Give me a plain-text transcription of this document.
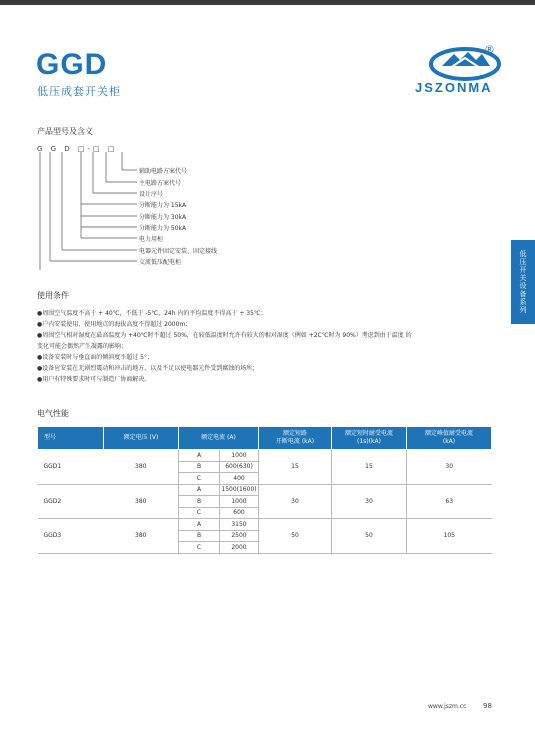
GGD
低压成套开关柜
®
JSZONMA
产品型号及含义
G G D □-□ □
辅助电路方案代号
主电路方案代号
设计序号
分断能力为 15kA
分断能力为 30kA
分断能力为 50kA
电力用柜
电器元件固定安装、固定接线
交流低压配电柜	低压开关设备系列
使用条件
●周围空气温度不高于 + 40℃，不低于 -5℃，24h 内的平均温度不得高于 + 35℃；
●户内安装使用，使用地点的海拔高度不得超过 2000m；
●周围空气相对湿度在最高温度为 +40℃时不超过 50%，在较低温度时允许有较大的相对湿度（例如 +2C℃时为 90%）考虑到由于温度 的
变化可能会偶然产生凝露的影响；
●设备安装时与垂直面的倾斜度不超过 5°；
●设备应安装在无剧烈震动和冲击的地方，以及不足以使电器元件受到腐蚀的场所；
●用户有特殊要求时可与制造厂协商解决。
电气性能
型号	额定电压 (V)	额定电流 (A)		额定短路
开断电流 (kA)	额定短时耐受电流
(1s)(kA)	额定峰值耐受电流
(kA)
GGD1	380	A	1000	15	15	30
		B	600(630)			
		C	400			
GGD2	380	A	1500(1600)	30	30	63
		B	1000			
		C	600			
GGD3	380	A	3150	50	50	105
		B	2500			
		C	2000			
www.jszm.cc 98
